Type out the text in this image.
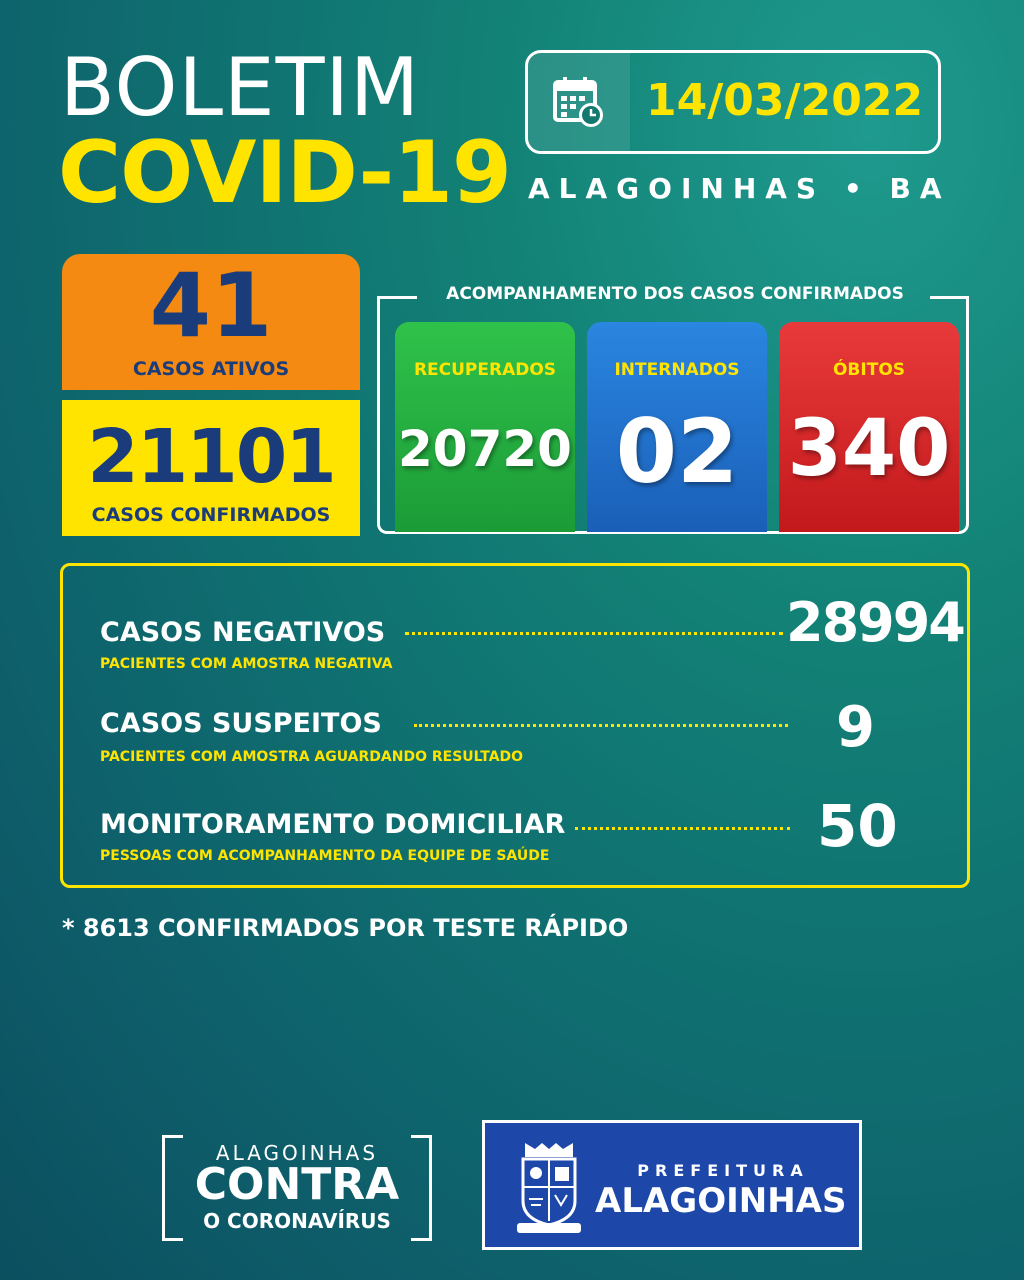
BOLETIM
COVID-19
14/03/2022
ALAGOINHAS • BA
41
CASOS ATIVOS
21101
CASOS CONFIRMADOS
ACOMPANHAMENTO DOS CASOS CONFIRMADOS
RECUPERADOS
20720
INTERNADOS
02
ÓBITOS
340
CASOS NEGATIVOS	28994
PACIENTES COM AMOSTRA NEGATIVA
CASOS SUSPEITOS	9
PACIENTES COM AMOSTRA AGUARDANDO RESULTADO
MONITORAMENTO DOMICILIAR	50
PESSOAS COM ACOMPANHAMENTO DA EQUIPE DE SAÚDE
* 8613 CONFIRMADOS POR TESTE RÁPIDO
ALAGOINHAS
CONTRA
O CORONAVÍRUS
PREFEITURA
ALAGOINHAS
